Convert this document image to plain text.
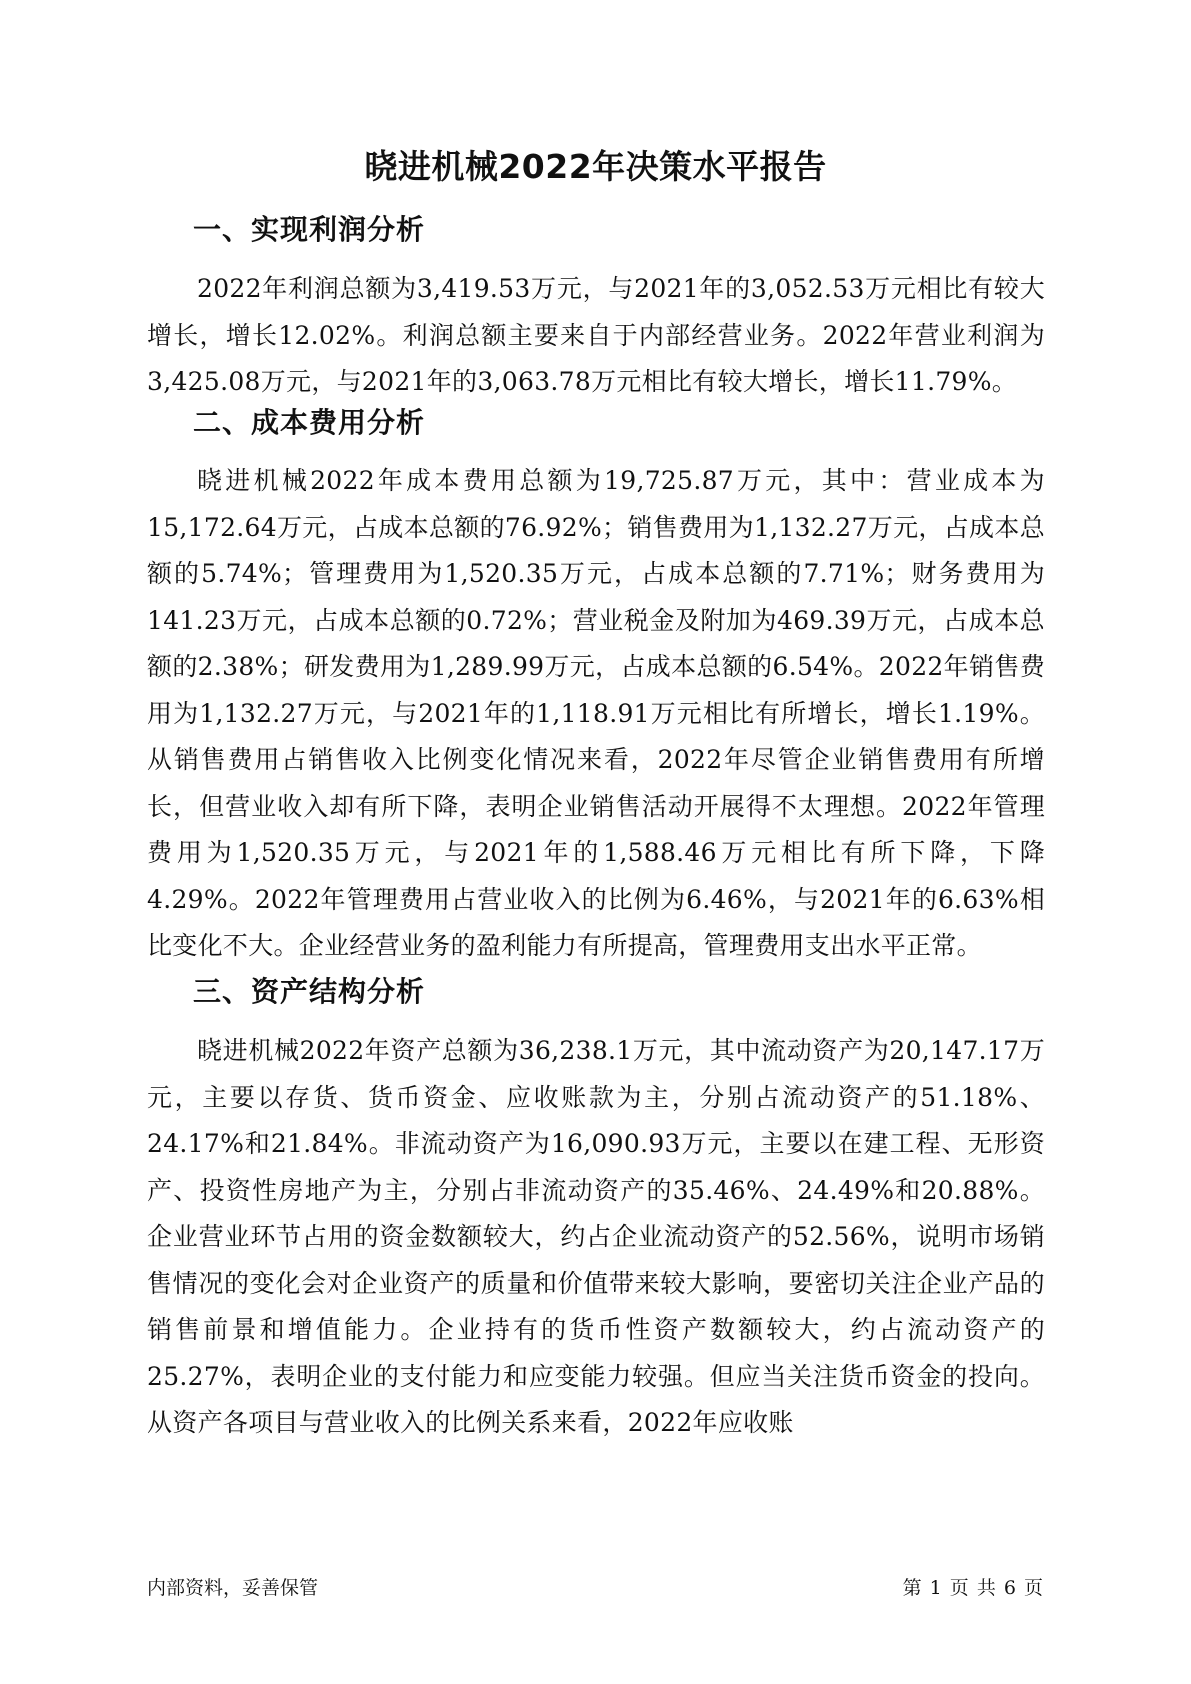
晓进机械2022年决策水平报告
一、实现利润分析

2022年利润总额为3,419.53万元，与2021年的3,052.53万元相比有较大增长，增长12.02%。利润总额主要来自于内部经营业务。2022年营业利润为3,425.08万元，与2021年的3,063.78万元相比有较大增长，增长11.79%。

二、成本费用分析

晓进机械2022年成本费用总额为19,725.87万元，其中：营业成本为15,172.64万元，占成本总额的76.92%；销售费用为1,132.27万元，占成本总额的5.74%；管理费用为1,520.35万元，占成本总额的7.71%；财务费用为141.23万元，占成本总额的0.72%；营业税金及附加为469.39万元，占成本总额的2.38%；研发费用为1,289.99万元，占成本总额的6.54%。2022年销售费用为1,132.27万元，与2021年的1,118.91万元相比有所增长，增长1.19%。从销售费用占销售收入比例变化情况来看，2022年尽管企业销售费用有所增长，但营业收入却有所下降，表明企业销售活动开展得不太理想。2022年管理费用为1,520.35万元，与2021年的1,588.46万元相比有所下降，下降4.29%。2022年管理费用占营业收入的比例为6.46%，与2021年的6.63%相比变化不大。企业经营业务的盈利能力有所提高，管理费用支出水平正常。

三、资产结构分析

晓进机械2022年资产总额为36,238.1万元，其中流动资产为20,147.17万元，主要以存货、货币资金、应收账款为主，分别占流动资产的51.18%、24.17%和21.84%。非流动资产为16,090.93万元，主要以在建工程、无形资产、投资性房地产为主，分别占非流动资产的35.46%、24.49%和20.88%。企业营业环节占用的资金数额较大，约占企业流动资产的52.56%，说明市场销售情况的变化会对企业资产的质量和价值带来较大影响，要密切关注企业产品的销售前景和增值能力。企业持有的货币性资产数额较大，约占流动资产的25.27%，表明企业的支付能力和应变能力较强。但应当关注货币资金的投向。从资产各项目与营业收入的比例关系来看，2022年应收账

内部资料，妥善保管	第 1 页 共 6 页
